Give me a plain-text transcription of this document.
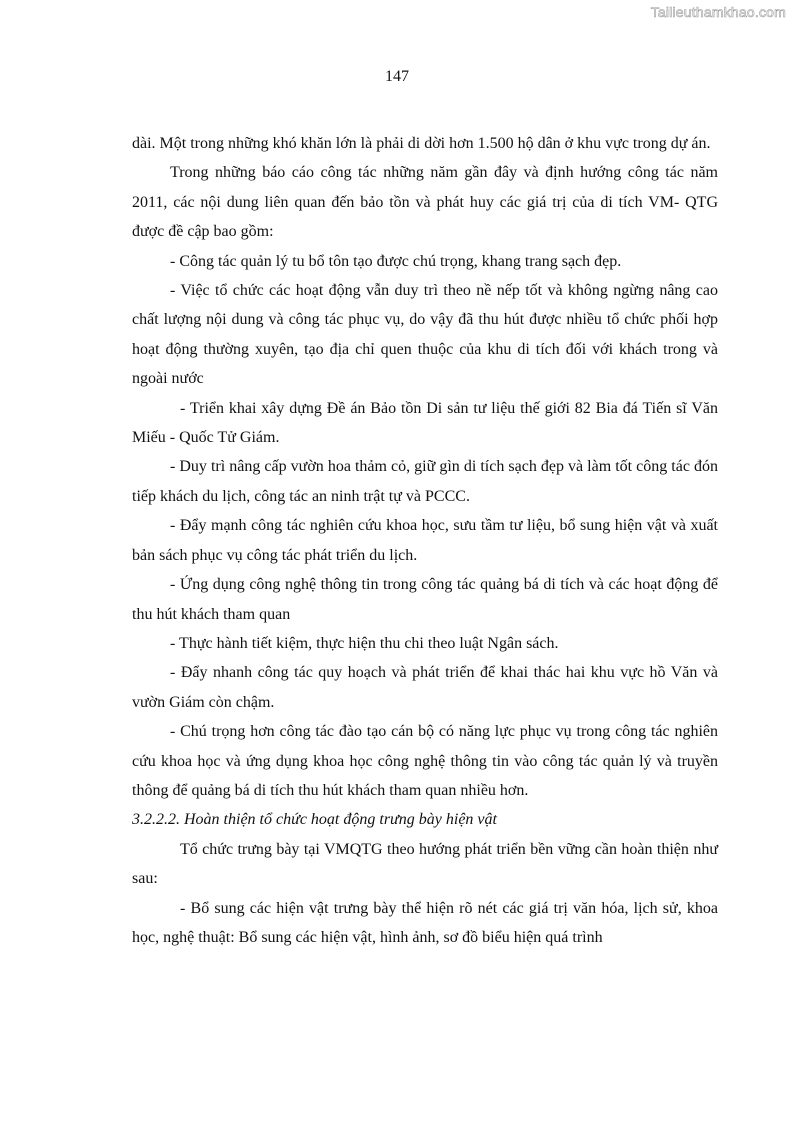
Tailieuthamkhao.com
147

dài. Một trong những khó khăn lớn là phải di dời hơn 1.500 hộ dân ở khu vực trong dự án.

Trong những báo cáo công tác những năm gần đây và định hướng công tác năm 2011, các nội dung liên quan đến bảo tồn và phát huy các giá trị của di tích VM- QTG được đề cập bao gồm:

- Công tác quản lý tu bổ tôn tạo được chú trọng, khang trang sạch đẹp.

- Việc tổ chức các hoạt động vẫn duy trì theo nề nếp tốt và không ngừng nâng cao chất lượng nội dung và công tác phục vụ, do vậy đã thu hút được nhiều tổ chức phối hợp hoạt động thường xuyên, tạo địa chỉ quen thuộc của khu di tích đối với khách trong và ngoài nước

- Triển khai xây dựng Đề án Bảo tồn Di sản tư liệu thế giới 82 Bia đá Tiến sĩ Văn Miếu - Quốc Tử Giám.

- Duy trì nâng cấp vườn hoa thảm cỏ, giữ gìn di tích sạch đẹp và làm tốt công tác đón tiếp khách du lịch, công tác an ninh trật tự và PCCC.

- Đẩy mạnh công tác nghiên cứu khoa học, sưu tầm tư liệu, bổ sung hiện vật và xuất bản sách phục vụ công tác phát triển du lịch.

- Ứng dụng công nghệ thông tin trong công tác quảng bá di tích và các hoạt động để thu hút khách tham quan

- Thực hành tiết kiệm, thực hiện thu chi theo luật Ngân sách.

- Đẩy nhanh công tác quy hoạch và phát triển để khai thác hai khu vực hồ Văn và vườn Giám còn chậm.

- Chú trọng hơn công tác đào tạo cán bộ có năng lực phục vụ trong công tác nghiên cứu khoa học và ứng dụng khoa học công nghệ thông tin vào công tác quản lý và truyền thông để quảng bá di tích thu hút khách tham quan nhiều hơn.

3.2.2.2. Hoàn thiện tổ chức hoạt động trưng bày hiện vật

Tổ chức trưng bày tại VMQTG theo hướng phát triển bền vững cần hoàn thiện như sau:

- Bổ sung các hiện vật trưng bày thể hiện rõ nét các giá trị văn hóa, lịch sử, khoa học, nghệ thuật: Bổ sung các hiện vật, hình ảnh, sơ đồ biểu hiện quá trình
